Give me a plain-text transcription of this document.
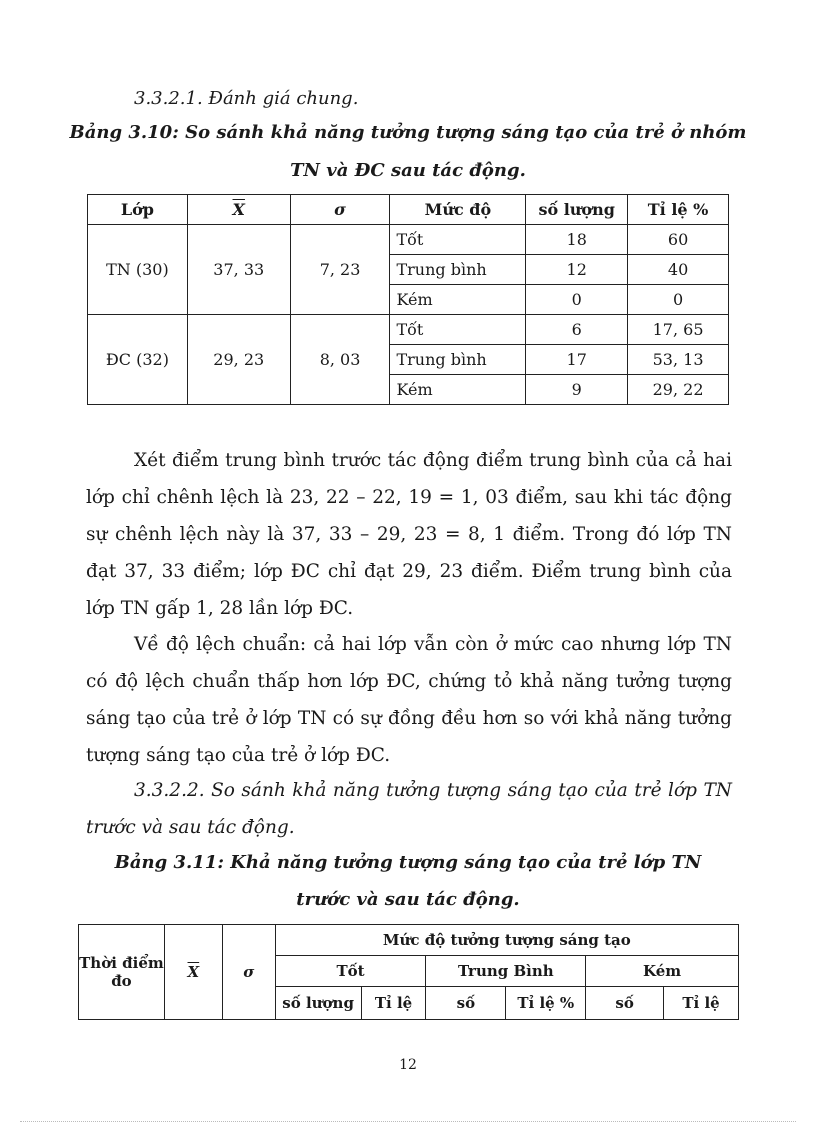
3.3.2.1. Đánh giá chung.
Bảng 3.10: So sánh khả năng tưởng tượng sáng tạo của trẻ ở nhóm
TN và ĐC sau tác động.
Lớp	$\overline{X}$	σ	Mức độ	số lượng	Tỉ lệ %
TN (30)	37, 33	7, 23	Tốt	18	60
			Trung bình	12	40
			Kém	0	0
ĐC (32)	29, 23	8, 03	Tốt	6	17, 65
			Trung bình	17	53, 13
			Kém	9	29, 22
Xét điểm trung bình trước tác động điểm trung bình của cả hai lớp chỉ chênh lệch là 23, 22 – 22, 19 = 1, 03 điểm, sau khi tác động sự chênh lệch này là 37, 33 – 29, 23 = 8, 1 điểm. Trong đó lớp TN đạt 37, 33 điểm; lớp ĐC chỉ đạt 29, 23 điểm. Điểm trung bình của lớp TN gấp 1, 28 lần lớp ĐC.
Về độ lệch chuẩn: cả hai lớp vẫn còn ở mức cao nhưng lớp TN có độ lệch chuẩn thấp hơn lớp ĐC, chứng tỏ khả năng tưởng tượng sáng tạo của trẻ ở lớp TN có sự đồng đều hơn so với khả năng tưởng tượng sáng tạo của trẻ ở lớp ĐC.
3.3.2.2. So sánh khả năng tưởng tượng sáng tạo của trẻ lớp TN trước và sau tác động.
Bảng 3.11: Khả năng tưởng tượng sáng tạo của trẻ lớp TN
trước và sau tác động.
Thời điểm đo	$\overline{X}$	σ	Mức độ tưởng tượng sáng tạo					
			Tốt		Trung Bình		Kém	
			số lượng	Tỉ lệ	số	Tỉ lệ %	số	Tỉ lệ
12
